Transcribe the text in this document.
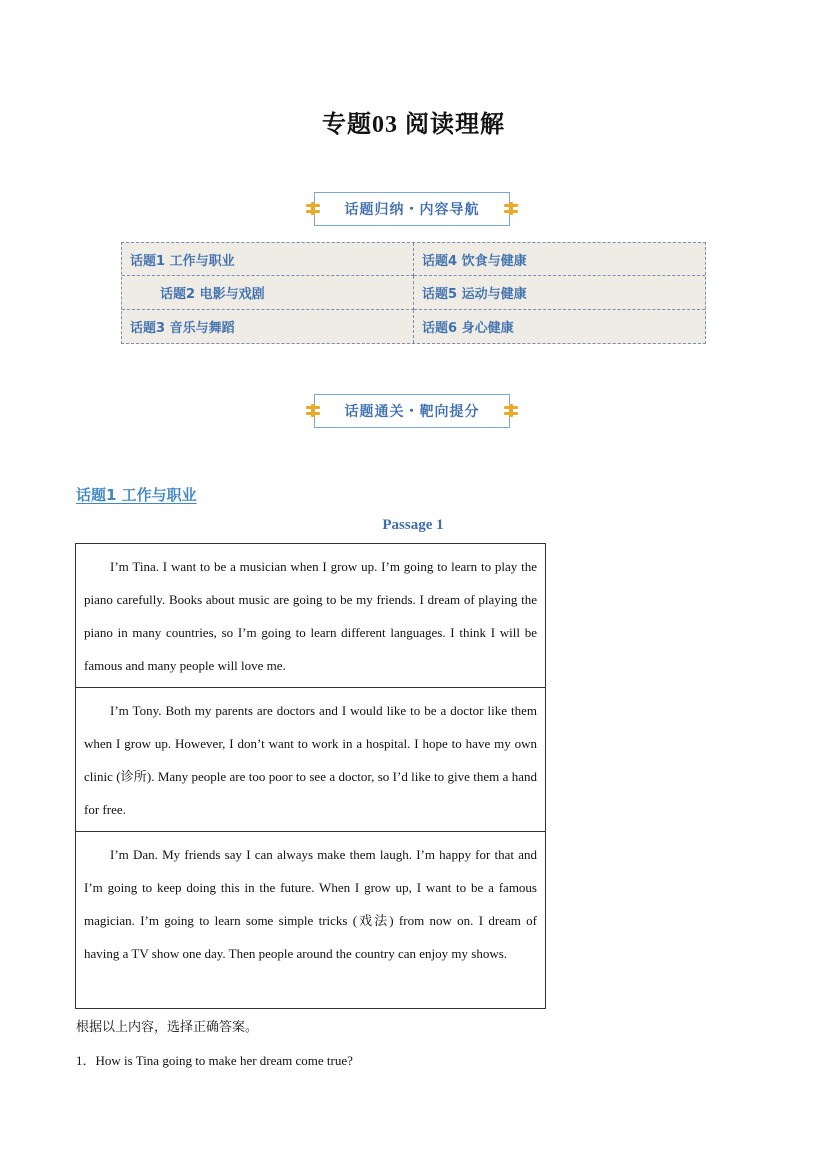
专题03 阅读理解
话题归纳・内容导航
话题1 工作与职业	话题4 饮食与健康
话题2 电影与戏剧	话题5 运动与健康
话题3 音乐与舞蹈	话题6 身心健康
话题通关・靶向提分
话题1 工作与职业
Passage 1
I’m Tina. I want to be a musician when I grow up. I’m going to learn to play the piano carefully. Books about music are going to be my friends. I dream of playing the piano in many countries, so I’m going to learn different languages. I think I will be famous and many people will love me.
I’m Tony. Both my parents are doctors and I would like to be a doctor like them when I grow up. However, I don’t want to work in a hospital. I hope to have my own clinic (诊所). Many people are too poor to see a doctor, so I’d like to give them a hand for free.
I’m Dan. My friends say I can always make them laugh. I’m happy for that and I’m going to keep doing this in the future. When I grow up, I want to be a famous magician. I’m going to learn some simple tricks (戏法) from now on. I dream of having a TV show one day. Then people around the country can enjoy my shows.
根据以上内容，选择正确答案。
1．How is Tina going to make her dream come true?
